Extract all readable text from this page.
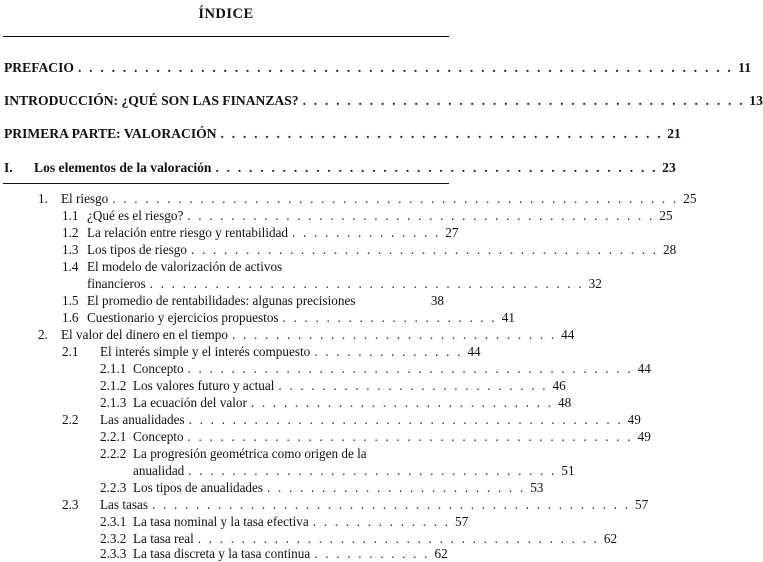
ÍNDICE
PREFACIO . . . . . . . . . . . . . . . . . . . . . . . . . . . . . . . . . . . . . . . . . . . . . . . . . . . . . . . . . . . 11
INTRODUCCIÓN: ¿QUÉ SON LAS FINANZAS? . . . . . . . . . . . . . . . . . . . . . . . . . . . . . . . . . . . . . . . . 13
PRIMERA PARTE: VALORACIÓN . . . . . . . . . . . . . . . . . . . . . . . . . . . . . . . . . . . . . . . . 21
I.	Los elementos de la valoración . . . . . . . . . . . . . . . . . . . . . . . . . . . . . . . . . . . . . . . . 23
1. El riesgo . . . . . . . . . . . . . . . . . . . . . . . . . . . . . . . . . . . . . . . . . . . . . . . . . . . . 25
1.1 ¿Qué es el riesgo? . . . . . . . . . . . . . . . . . . . . . . . . . . . . . . . . . . . . . . . . . . . 25
1.2 La relación entre riesgo y rentabilidad . . . . . . . . . . . . . . 27
1.3 Los tipos de riesgo . . . . . . . . . . . . . . . . . . . . . . . . . . . . . . . . . . . . . . . . . . . 28
1.4 El modelo de valorización de activos
financieros . . . . . . . . . . . . . . . . . . . . . . . . . . . . . . . . . . . . . . . . 32
1.5 El promedio de rentabilidades: algunas precisiones	38
1.6 Cuestionario y ejercicios propuestos . . . . . . . . . . . . . . . . . . . . 41
2. El valor del dinero en el tiempo . . . . . . . . . . . . . . . . . . . . . . . . . . . . . . 44
2.1	El interés simple y el interés compuesto . . . . . . . . . . . . . . 44
2.1.1 Concepto . . . . . . . . . . . . . . . . . . . . . . . . . . . . . . . . . . . . . . . . . 44
2.1.2 Los valores futuro y actual . . . . . . . . . . . . . . . . . . . . . . . . . 46
2.1.3 La ecuación del valor . . . . . . . . . . . . . . . . . . . . . . . . . . . . 48
2.2	Las anualidades . . . . . . . . . . . . . . . . . . . . . . . . . . . . . . . . . . . . . . . . 49
2.2.1 Concepto . . . . . . . . . . . . . . . . . . . . . . . . . . . . . . . . . . . . . . . . . 49
2.2.2 La progresión geométrica como origen de la
anualidad . . . . . . . . . . . . . . . . . . . . . . . . . . . . . . . . . . 51
2.2.3 Los tipos de anualidades . . . . . . . . . . . . . . . . . . . . . . . . 53
2.3	Las tasas . . . . . . . . . . . . . . . . . . . . . . . . . . . . . . . . . . . . . . . . . . . . 57
2.3.1 La tasa nominal y la tasa efectiva . . . . . . . . . . . . . 57
2.3.2 La tasa real . . . . . . . . . . . . . . . . . . . . . . . . . . . . . . . . . . . . . 62
2.3.3 La tasa discreta y la tasa continua . . . . . . . . . . . 62
